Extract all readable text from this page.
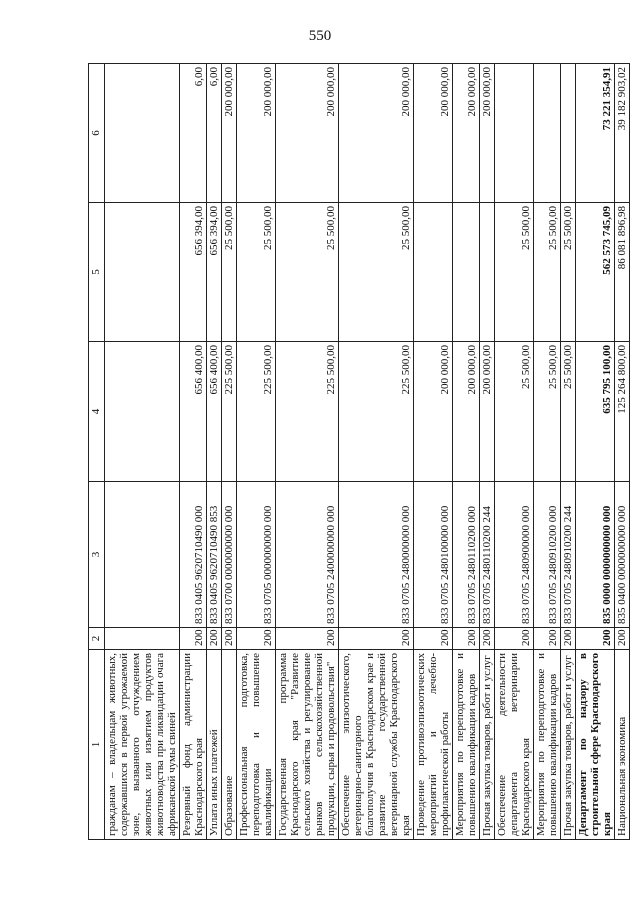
550
1	2	3	4	5	6
гражданам – владельцам животных, содержавшихся в первой угрожаемой зоне, вызванного отчуждением животных или изъятием продуктов животноводства при ликвидации очага африканской чумы свиней					
Резервный фонд администрации Краснодарского края	200	833 0405 9620710490 000	656 400,00	656 394,00	6,00
Уплата иных платежей	200	833 0405 9620710490 853	656 400,00	656 394,00	6,00
Образование	200	833 0700 0000000000 000	225 500,00	25 500,00	200 000,00
Профессиональная подготовка, переподготовка и повышение квалификации	200	833 0705 0000000000 000	225 500,00	25 500,00	200 000,00
Государственная программа Краснодарского края "Развитие сельского хозяйства и регулирование рынков сельскохозяйственной продукции, сырья и продовольствия"	200	833 0705 2400000000 000	225 500,00	25 500,00	200 000,00
Обеспечение эпизоотического, ветеринарно-санитарного благополучия в Краснодарском крае и развитие государственной ветеринарной службы Краснодарского края	200	833 0705 2480000000 000	225 500,00	25 500,00	200 000,00
Проведение противоэпизоотических мероприятий и лечебно-профилактической работы	200	833 0705 2480100000 000	200 000,00		200 000,00
Мероприятия по переподготовке и повышению квалификации кадров	200	833 0705 2480110200 000	200 000,00		200 000,00
Прочая закупка товаров, работ и услуг	200	833 0705 2480110200 244	200 000,00		200 000,00
Обеспечение деятельности департамента ветеринарии Краснодарского края	200	833 0705 2480900000 000	25 500,00	25 500,00	
Мероприятия по переподготовке и повышению квалификации кадров	200	833 0705 2480910200 000	25 500,00	25 500,00	
Прочая закупка товаров, работ и услуг	200	833 0705 2480910200 244	25 500,00	25 500,00	
Департамент по надзору в строительной сфере Краснодарского края	200	835 0000 0000000000 000	635 795 100,00	562 573 745,09	73 221 354,91
Национальная экономика	200	835 0400 0000000000 000	125 264 800,00	86 081 896,98	39 182 903,02
